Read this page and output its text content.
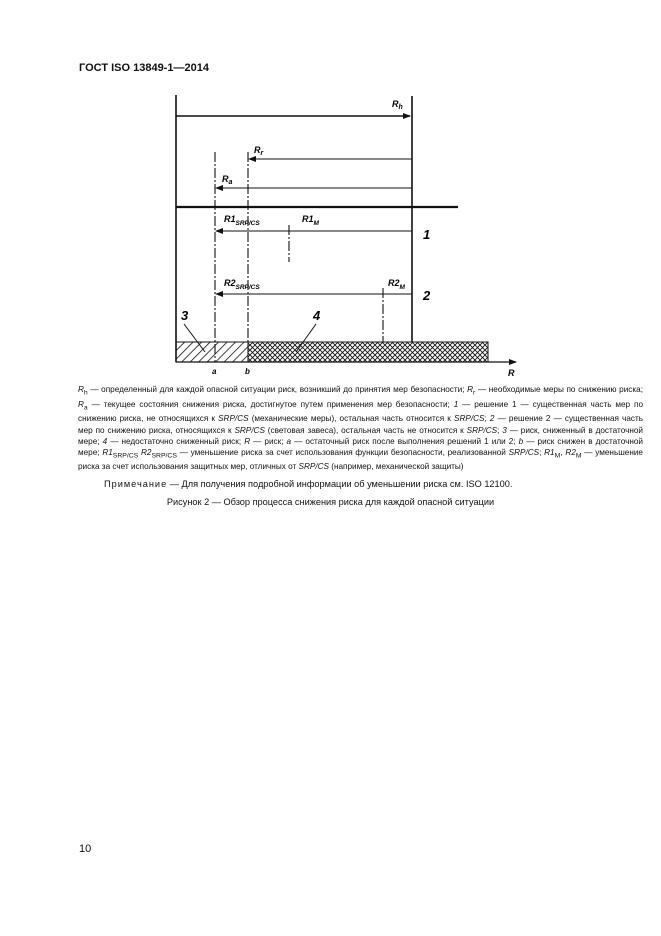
ГОСТ ISO 13849-1—2014
R
$R_h$
$R_r$
$R_a$
$R1_{SRP/CS}$	$R1_M$
1
$R2_{SRP/CS}$	$R2_M$
2
3	4
a	b
$R_h$ — определенный для каждой опасной ситуации риск, возникший до принятия мер безопасности; $R_r$ — необходимые меры по снижению риска; $R_a$ — текущее состояния снижения риска, достигнутое путем применения мер безопасности; 1 — решение 1 — существенная часть мер по снижению риска, не относящихся к SRP/CS (механические меры), остальная часть относится к SRP/CS; 2 — решение 2 — существенная часть мер по снижению риска, относящихся к SRP/CS (световая завеса), остальная часть не относится к SRP/CS; 3 — риск, сниженный в достаточной мере; 4 — недостаточно сниженный риск; R — риск; a — остаточный риск после выполнения решений 1 или 2; b — риск снижен в достаточной мере; $R1_{SRP/CS}$ $R2_{SRP/CS}$ — уменьшение риска за счет использования функции безопасности, реализованной SRP/CS; $R1_M$, $R2_M$ — уменьшение риска за счет использования защитных мер, отличных от SRP/CS (например, механической защиты)
Примечание — Для получения подробной информации об уменьшении риска см. ISO 12100.
Рисунок 2 — Обзор процесса снижения риска для каждой опасной ситуации
10
